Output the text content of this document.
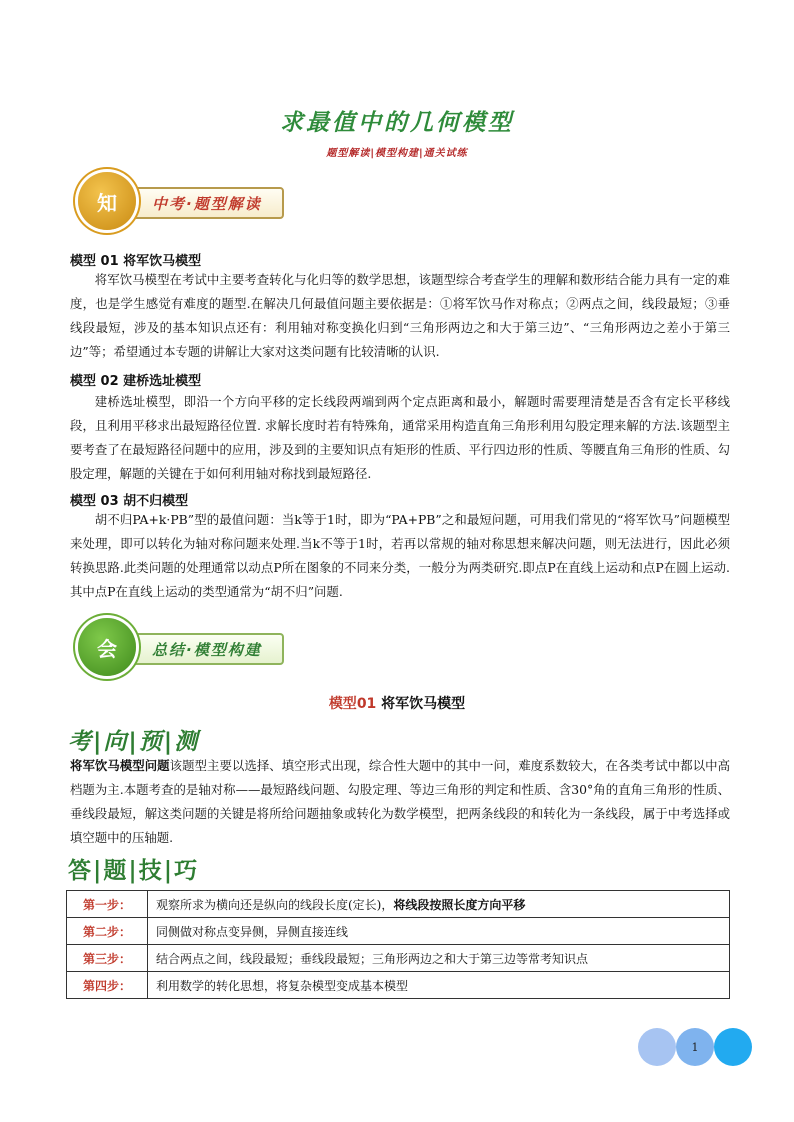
求最值中的几何模型
题型解读|模型构建|通关试练
中考·题型解读
知
模型 01 将军饮马模型

将军饮马模型在考试中主要考查转化与化归等的数学思想，该题型综合考查学生的理解和数形结合能力具有一定的难度，也是学生感觉有难度的题型.在解决几何最值问题主要依据是：①将军饮马作对称点；②两点之间，线段最短；③垂线段最短，涉及的基本知识点还有：利用轴对称变换化归到“三角形两边之和大于第三边”、“三角形两边之差小于第三边”等；希望通过本专题的讲解让大家对这类问题有比较清晰的认识.

模型 02 建桥选址模型

建桥选址模型，即沿一个方向平移的定长线段两端到两个定点距离和最小，解题时需要理清楚是否含有定长平移线段，且利用平移求出最短路径位置. 求解长度时若有特殊角，通常采用构造直角三角形利用勾股定理来解的方法.该题型主要考查了在最短路径问题中的应用，涉及到的主要知识点有矩形的性质、平行四边形的性质、等腰直角三角形的性质、勾股定理，解题的关键在于如何利用轴对称找到最短路径.

模型 03 胡不归模型

胡不归PA+k·PB”型的最值问题：当k等于1时，即为“PA+PB”之和最短问题，可用我们常见的“将军饮马”问题模型来处理，即可以转化为轴对称问题来处理.当k不等于1时，若再以常规的轴对称思想来解决问题，则无法进行，因此必须转换思路.此类问题的处理通常以动点P所在图象的不同来分类，一般分为两类研究.即点P在直线上运动和点P在圆上运动.其中点P在直线上运动的类型通常为“胡不归”问题.

总结·模型构建
会
模型01 将军饮马模型
考|向|预|测

将军饮马模型问题该题型主要以选择、填空形式出现，综合性大题中的其中一问，难度系数较大，在各类考试中都以中高档题为主.本题考查的是轴对称——最短路线问题、勾股定理、等边三角形的判定和性质、含30°角的直角三角形的性质、垂线段最短，解这类问题的关键是将所给问题抽象或转化为数学模型，把两条线段的和转化为一条线段，属于中考选择或填空题中的压轴题.

答|题|技|巧
第一步：	观察所求为横向还是纵向的线段长度(定长)，将线段按照长度方向平移
第二步：	同侧做对称点变异侧，异侧直接连线
第三步：	结合两点之间，线段最短；垂线段最短；三角形两边之和大于第三边等常考知识点
第四步：	利用数学的转化思想，将复杂模型变成基本模型
1
